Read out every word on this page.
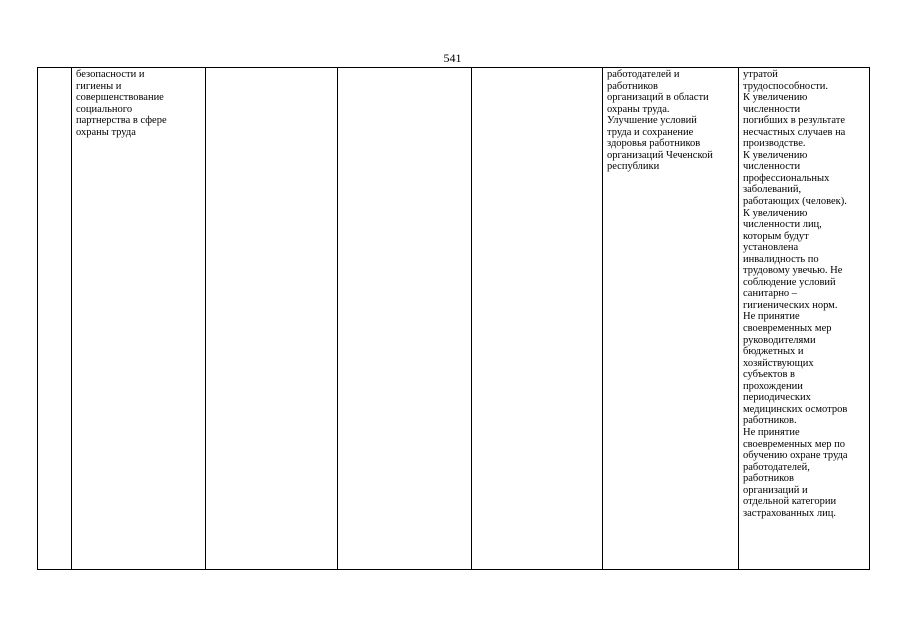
541
	безопасности и
гигиены и
совершенствование
социального
партнерства в сфере
охраны труда				работодателей и
работников
организаций в области
охраны труда.
Улучшение условий
труда и сохранение
здоровья работников
организаций Чеченской
республики	утратой
трудоспособности.
К увеличению
численности
погибших в результате
несчастных случаев на
производстве.
К увеличению
численности
профессиональных
заболеваний,
работающих (человек).
К увеличению
численности лиц,
которым будут
установлена
инвалидность по
трудовому увечью. Не
соблюдение условий
санитарно –
гигиенических норм.
Не принятие
своевременных мер
руководителями
бюджетных и
хозяйствующих
субъектов в
прохождении
периодических
медицинских осмотров
работников.
Не принятие
своевременных мер по
обучению охране труда
работодателей,
работников
организаций и
отдельной категории
застрахованных лиц.
